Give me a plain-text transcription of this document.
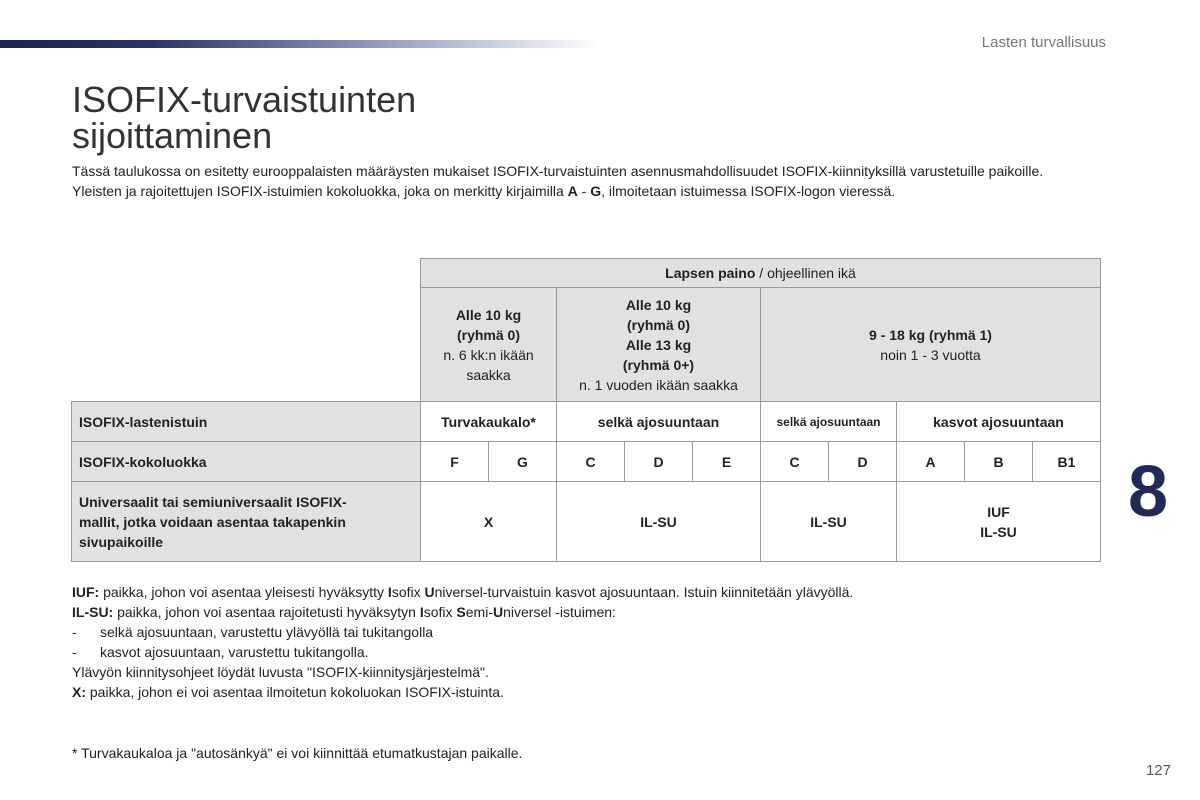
Lasten turvallisuus
ISOFIX-turvaistuinten
sijoittaminen

Tässä taulukossa on esitetty eurooppalaisten määräysten mukaiset ISOFIX-turvaistuinten asennusmahdollisuudet ISOFIX-kiinnityksillä varustetuille paikoille.

Yleisten ja rajoitettujen ISOFIX-istuimien kokoluokka, joka on merkitty kirjaimilla A - G, ilmoitetaan istuimessa ISOFIX-logon vieressä.

	Lapsen paino / ohjeellinen ikä									
	Alle 10 kg
(ryhmä 0)
n. 6 kk:n ikään
saakka		Alle 10 kg
(ryhmä 0)
Alle 13 kg
(ryhmä 0+)
n. 1 vuoden ikään saakka			9 - 18 kg (ryhmä 1)
noin 1 - 3 vuotta				
ISOFIX-lastenistuin	Turvakaukalo*		selkä ajosuuntaan			selkä ajosuuntaan		kasvot ajosuuntaan		
ISOFIX-kokoluokka	F	G	C	D	E	C	D	A	B	B1
Universaalit tai semiuniversaalit ISOFIX-
mallit, jotka voidaan asentaa takapenkin
sivupaikoille	X		IL-SU			IL-SU		IUF
IL-SU		8

IUF: paikka, johon voi asentaa yleisesti hyväksytty Isofix Universel-turvaistuin kasvot ajosuuntaan. Istuin kiinnitetään ylävyöllä.

IL-SU: paikka, johon voi asentaa rajoitetusti hyväksytyn Isofix Semi-Universel -istuimen:

-	selkä ajosuuntaan, varustettu ylävyöllä tai tukitangolla
-	kasvot ajosuuntaan, varustettu tukitangolla.

Ylävyön kiinnitysohjeet löydät luvusta "ISOFIX-kiinnitysjärjestelmä".

X: paikka, johon ei voi asentaa ilmoitetun kokoluokan ISOFIX-istuinta.

* Turvakaukaloa ja "autosänkyä" ei voi kiinnittää etumatkustajan paikalle.
127
